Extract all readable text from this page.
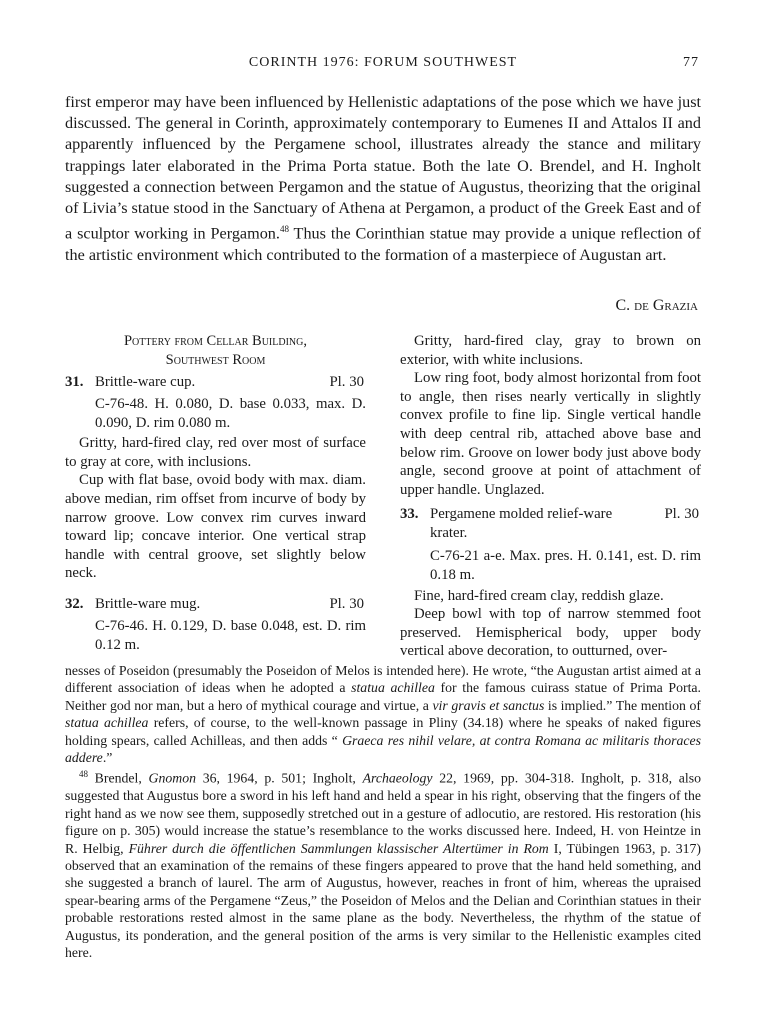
CORINTH 1976: FORUM SOUTHWEST	77

first emperor may have been influenced by Hellenistic adaptations of the pose which we have just discussed. The general in Corinth, approximately contemporary to Eumenes II and Attalos II and apparently influenced by the Pergamene school, illustrates already the stance and military trappings later elaborated in the Prima Porta statue. Both the late O. Brendel, and H. Ingholt suggested a connection between Pergamon and the statue of Augustus, theorizing that the original of Livia’s statue stood in the Sanctuary of Athena at Pergamon, a product of the Greek East and of a sculptor working in Pergamon.$^{48}$ Thus the Corinthian statue may provide a unique reflection of the artistic environment which contributed to the formation of a masterpiece of Augustan art.

C. de Grazia
Pottery from Cellar Building,
Southwest Room
31. Brittle-ware cup.	Pl. 30

C-76-48. H. 0.080, D. base 0.033, max. D. 0.090, D. rim 0.080 m.

Gritty, hard-fired clay, red over most of surface to gray at core, with inclusions.

Cup with flat base, ovoid body with max. diam. above median, rim offset from incurve of body by narrow groove. Low convex rim curves inward toward lip; concave interior. One vertical strap handle with central groove, set slightly below neck.

32. Brittle-ware mug.	Pl. 30

C-76-46. H. 0.129, D. base 0.048, est. D. rim 0.12 m.

Gritty, hard-fired clay, gray to brown on exterior, with white inclusions.

Low ring foot, body almost horizontal from foot to angle, then rises nearly vertically in slightly convex profile to fine lip. Single vertical handle with deep central rib, attached above base and below rim. Groove on lower body just above body angle, second groove at point of attachment of upper handle. Unglazed.

33. Pergamene molded relief-ware krater.
Pl. 30

C-76-21 a-e. Max. pres. H. 0.141, est. D. rim 0.18 m.

Fine, hard-fired cream clay, reddish glaze.

Deep bowl with top of narrow stemmed foot preserved. Hemispherical body, upper body vertical above decoration, to outturned, over-

nesses of Poseidon (presumably the Poseidon of Melos is intended here). He wrote, “the Augustan artist aimed at a different association of ideas when he adopted a statua achillea for the famous cuirass statue of Prima Porta. Neither god nor man, but a hero of mythical courage and virtue, a vir gravis et sanctus is implied.” The mention of statua achillea refers, of course, to the well-known passage in Pliny (34.18) where he speaks of naked figures holding spears, called Achilleas, and then adds “ Graeca res nihil velare, at contra Romana ac militaris thoraces addere.”

$^{48}$ Brendel, Gnomon 36, 1964, p. 501; Ingholt, Archaeology 22, 1969, pp. 304-318. Ingholt, p. 318, also suggested that Augustus bore a sword in his left hand and held a spear in his right, observing that the fingers of the right hand as we now see them, supposedly stretched out in a gesture of adlocutio, are restored. His restoration (his figure on p. 305) would increase the statue’s resemblance to the works discussed here. Indeed, H. von Heintze in R. Helbig, Führer durch die öffentlichen Sammlungen klassischer Altertümer in Rom I, Tübingen 1963, p. 317) observed that an examination of the remains of these fingers appeared to prove that the hand held something, and she suggested a branch of laurel. The arm of Augustus, however, reaches in front of him, whereas the upraised spear-bearing arms of the Pergamene “Zeus,” the Poseidon of Melos and the Delian and Corinthian statues in their probable restorations rested almost in the same plane as the body. Nevertheless, the rhythm of the statue of Augustus, its ponderation, and the general position of the arms is very similar to the Hellenistic examples cited here.
